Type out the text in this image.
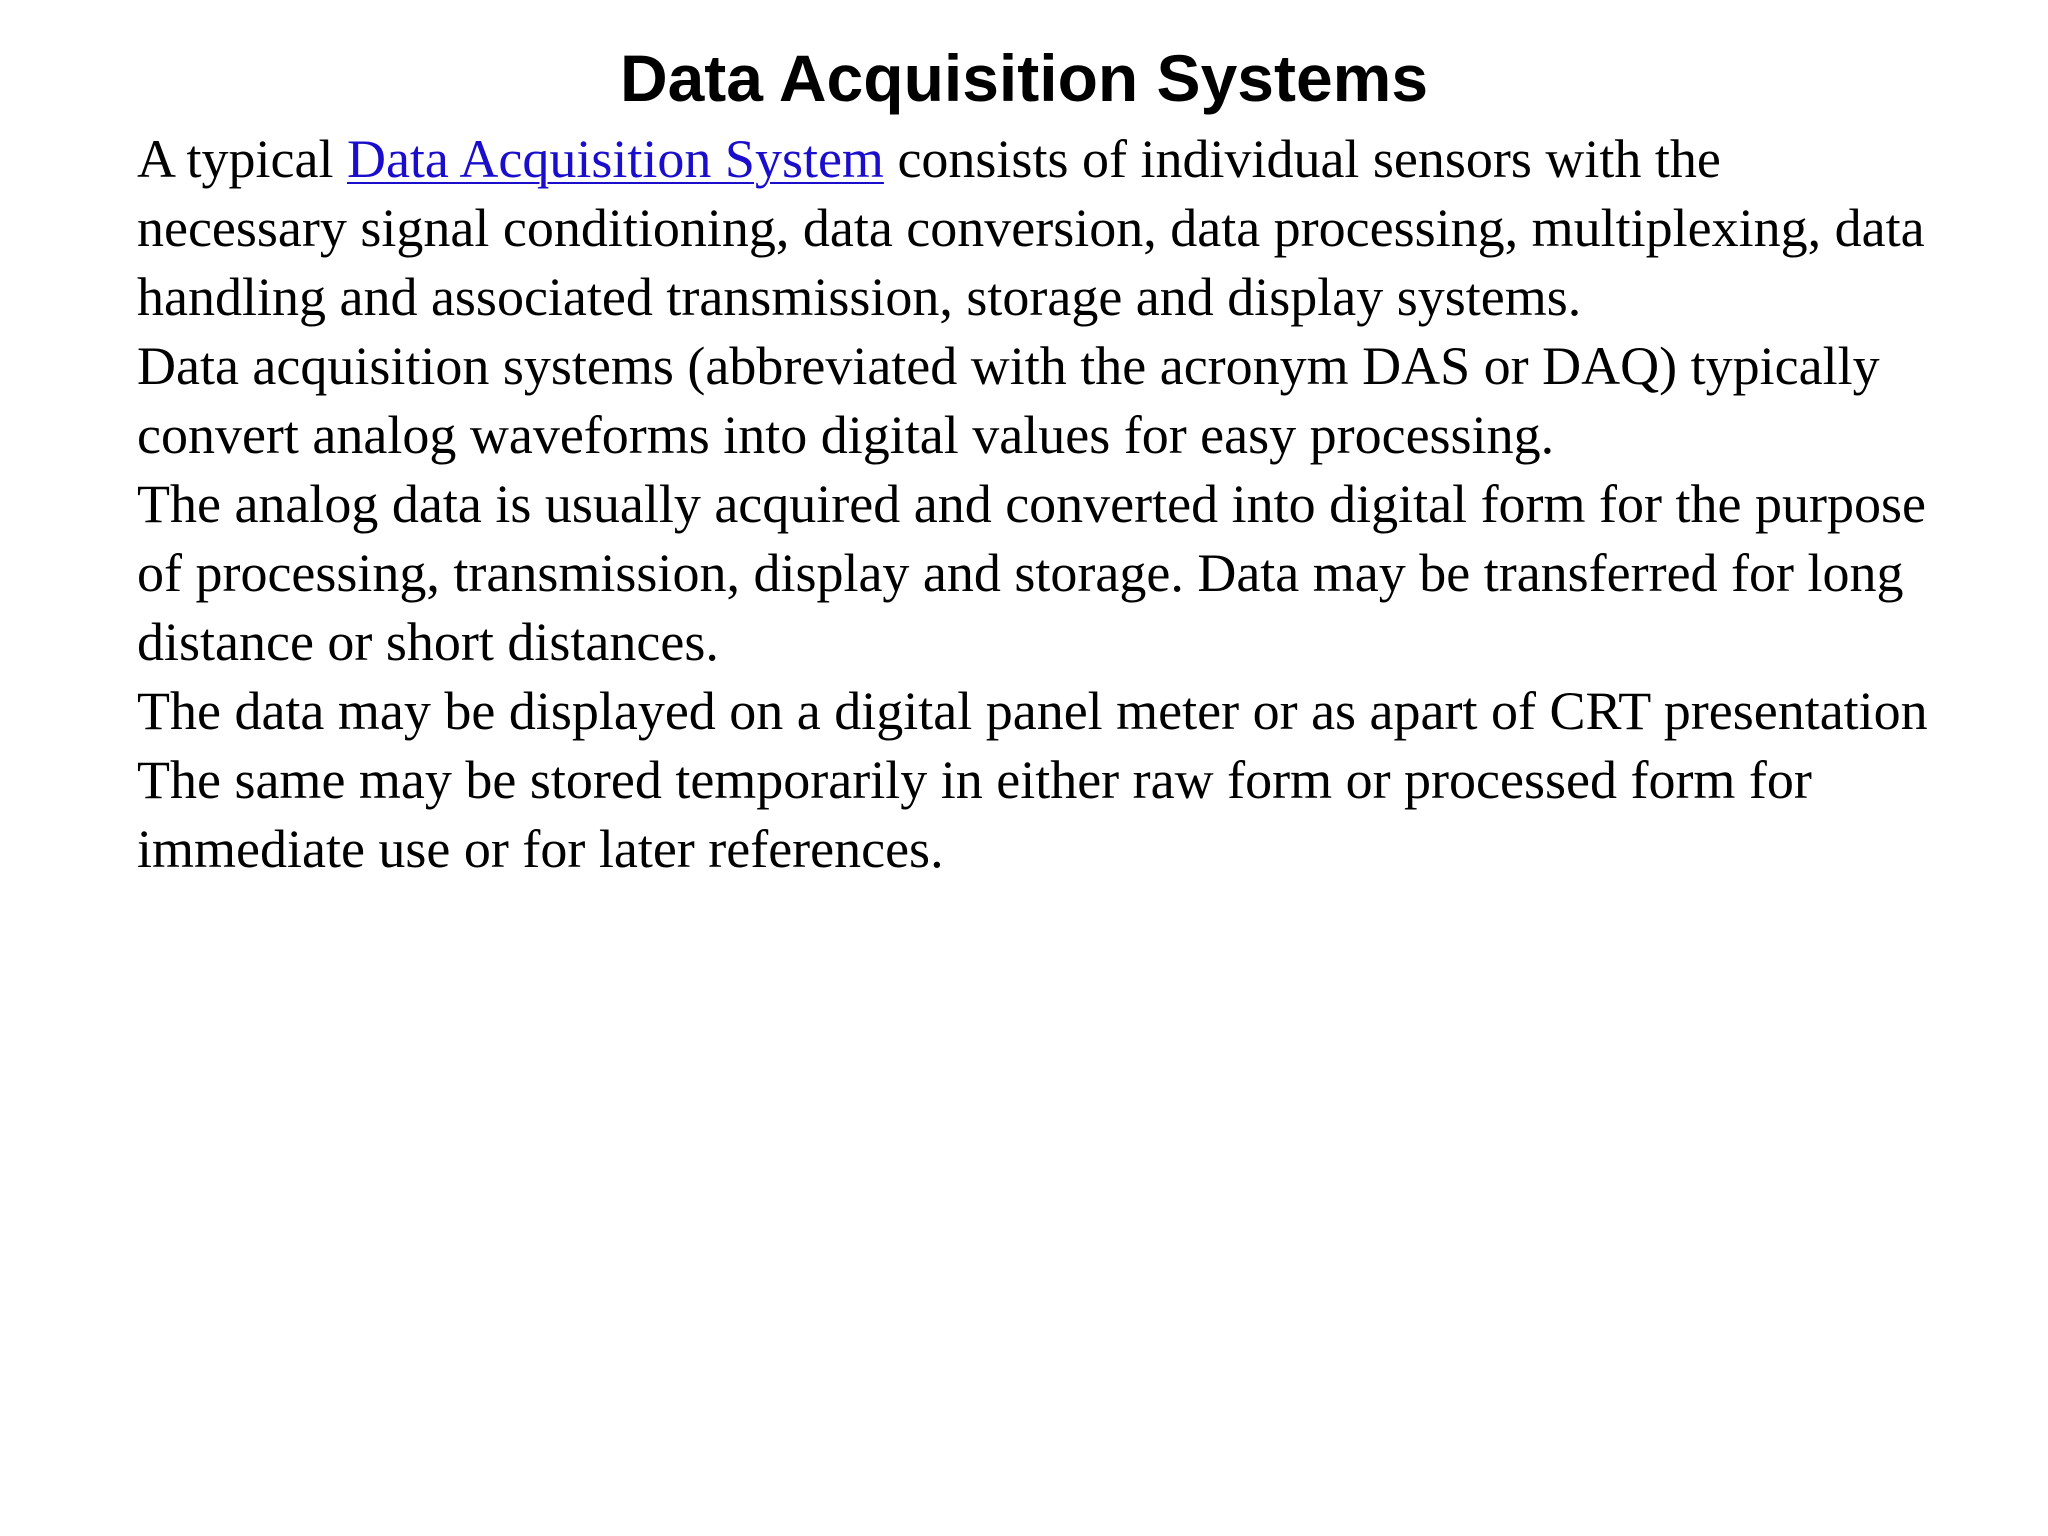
Data Acquisition Systems

A typical Data Acquisition System consists of individual sensors with the necessary signal conditioning, data conversion, data processing, multiplexing, data handling and associated transmission, storage and display systems.

Data acquisition systems (abbreviated with the acronym DAS or DAQ) typically convert analog waveforms into digital values for easy processing.

The analog data is usually acquired and converted into digital form for the purpose of processing, transmission, display and storage. Data may be transferred for long distance or short distances.

The data may be displayed on a digital panel meter or as apart of CRT presentation

The same may be stored temporarily in either raw form or processed form for immediate use or for later references.
